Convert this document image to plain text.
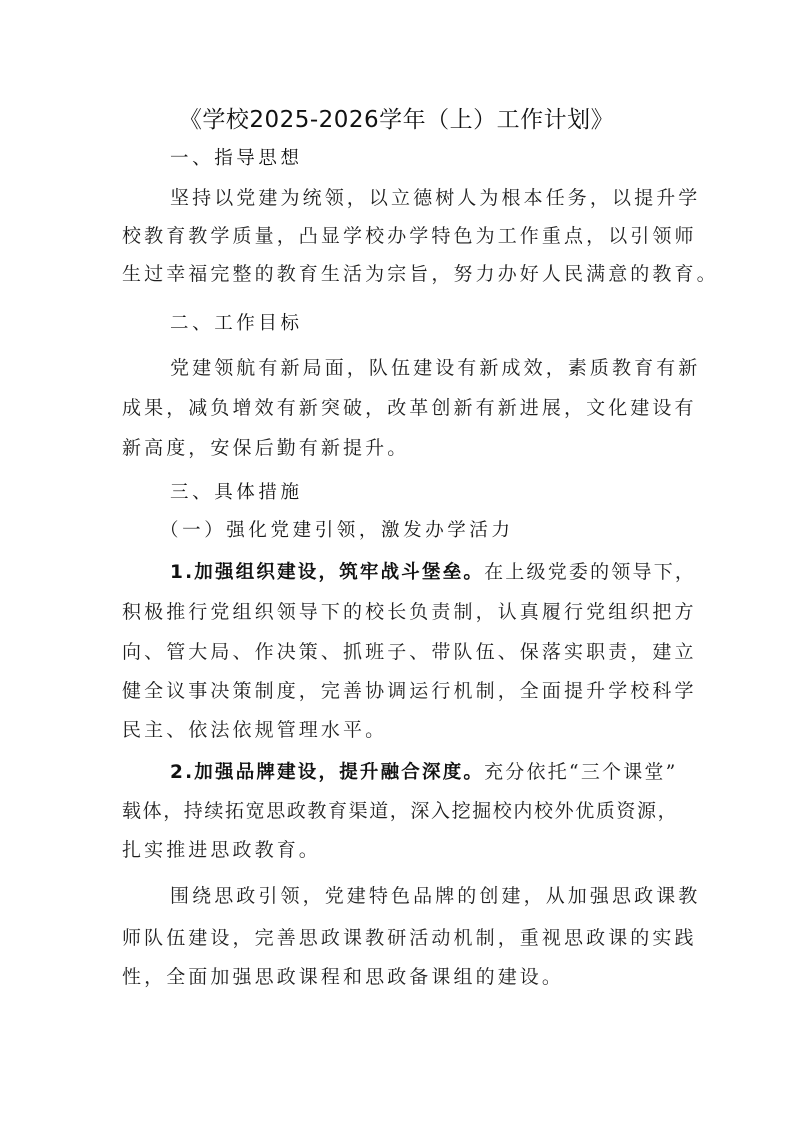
《学校2025-2026学年（上）工作计划》
一、指导思想
坚持以党建为统领，以立德树人为根本任务，以提升学
校教育教学质量，凸显学校办学特色为工作重点，以引领师
生过幸福完整的教育生活为宗旨，努力办好人民满意的教育。
二、工作目标
党建领航有新局面，队伍建设有新成效，素质教育有新
成果，减负增效有新突破，改革创新有新进展，文化建设有
新高度，安保后勤有新提升。
三、具体措施
（一）强化党建引领，激发办学活力
1.加强组织建设，筑牢战斗堡垒。在上级党委的领导下，
积极推行党组织领导下的校长负责制，认真履行党组织把方
向、管大局、作决策、抓班子、带队伍、保落实职责，建立
健全议事决策制度，完善协调运行机制，全面提升学校科学
民主、依法依规管理水平。
2.加强品牌建设，提升融合深度。充分依托“三个课堂”
载体，持续拓宽思政教育渠道，深入挖掘校内校外优质资源，
扎实推进思政教育。
围绕思政引领，党建特色品牌的创建，从加强思政课教
师队伍建设，完善思政课教研活动机制，重视思政课的实践
性，全面加强思政课程和思政备课组的建设。
